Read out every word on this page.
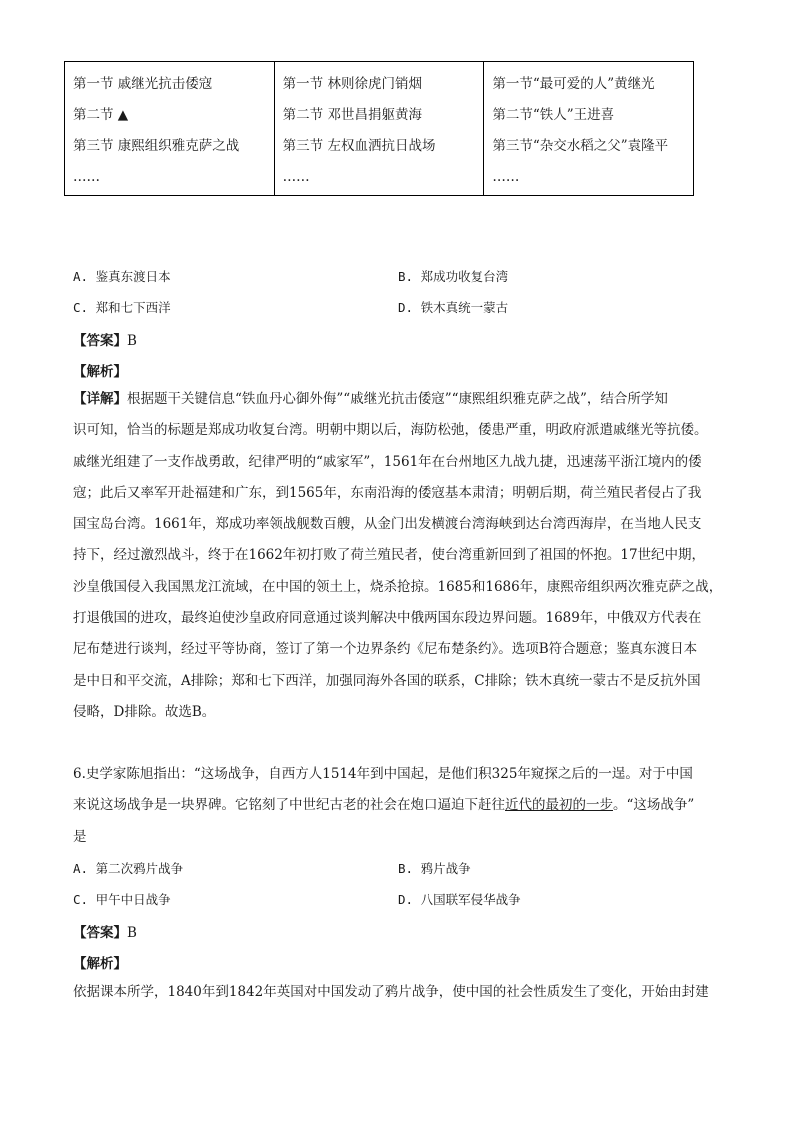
第一节 戚继光抗击倭寇
第二节 ▲
第三节 康熙组织雅克萨之战
……
第一节 林则徐虎门销烟
第二节 邓世昌捐躯黄海
第三节 左权血洒抗日战场
……
第一节“最可爱的人”黄继光
第二节“铁人”王进喜
第三节“杂交水稻之父”袁隆平
……
A. 鉴真东渡日本	B. 郑成功收复台湾
C. 郑和七下西洋	D. 铁木真统一蒙古
【答案】B
【解析】
【详解】根据题干关键信息“铁血丹心御外侮”“戚继光抗击倭寇”“康熙组织雅克萨之战”，结合所学知
识可知，恰当的标题是郑成功收复台湾。明朝中期以后，海防松弛，倭患严重，明政府派遣戚继光等抗倭。
戚继光组建了一支作战勇敢，纪律严明的“戚家军”，1561年在台州地区九战九捷，迅速荡平浙江境内的倭
寇；此后又率军开赴福建和广东，到1565年，东南沿海的倭寇基本肃清；明朝后期，荷兰殖民者侵占了我
国宝岛台湾。1661年，郑成功率领战舰数百艘，从金门出发横渡台湾海峡到达台湾西海岸，在当地人民支
持下，经过激烈战斗，终于在1662年初打败了荷兰殖民者，使台湾重新回到了祖国的怀抱。17世纪中期，
沙皇俄国侵入我国黑龙江流域，在中国的领土上，烧杀抢掠。1685和1686年，康熙帝组织两次雅克萨之战，
打退俄国的进攻，最终迫使沙皇政府同意通过谈判解决中俄两国东段边界问题。1689年，中俄双方代表在
尼布楚进行谈判，经过平等协商，签订了第一个边界条约《尼布楚条约》。选项B符合题意；鉴真东渡日本
是中日和平交流，A排除；郑和七下西洋，加强同海外各国的联系，C排除；铁木真统一蒙古不是反抗外国
侵略，D排除。故选B。
6.史学家陈旭指出：“这场战争，自西方人1514年到中国起，是他们积325年窥探之后的一逞。对于中国
来说这场战争是一块界碑。它铭刻了中世纪古老的社会在炮口逼迫下赶往近代的最初的一步。“这场战争”
是
A. 第二次鸦片战争	B. 鸦片战争
C. 甲午中日战争	D. 八国联军侵华战争
【答案】B
【解析】
依据课本所学，1840年到1842年英国对中国发动了鸦片战争，使中国的社会性质发生了变化，开始由封建
